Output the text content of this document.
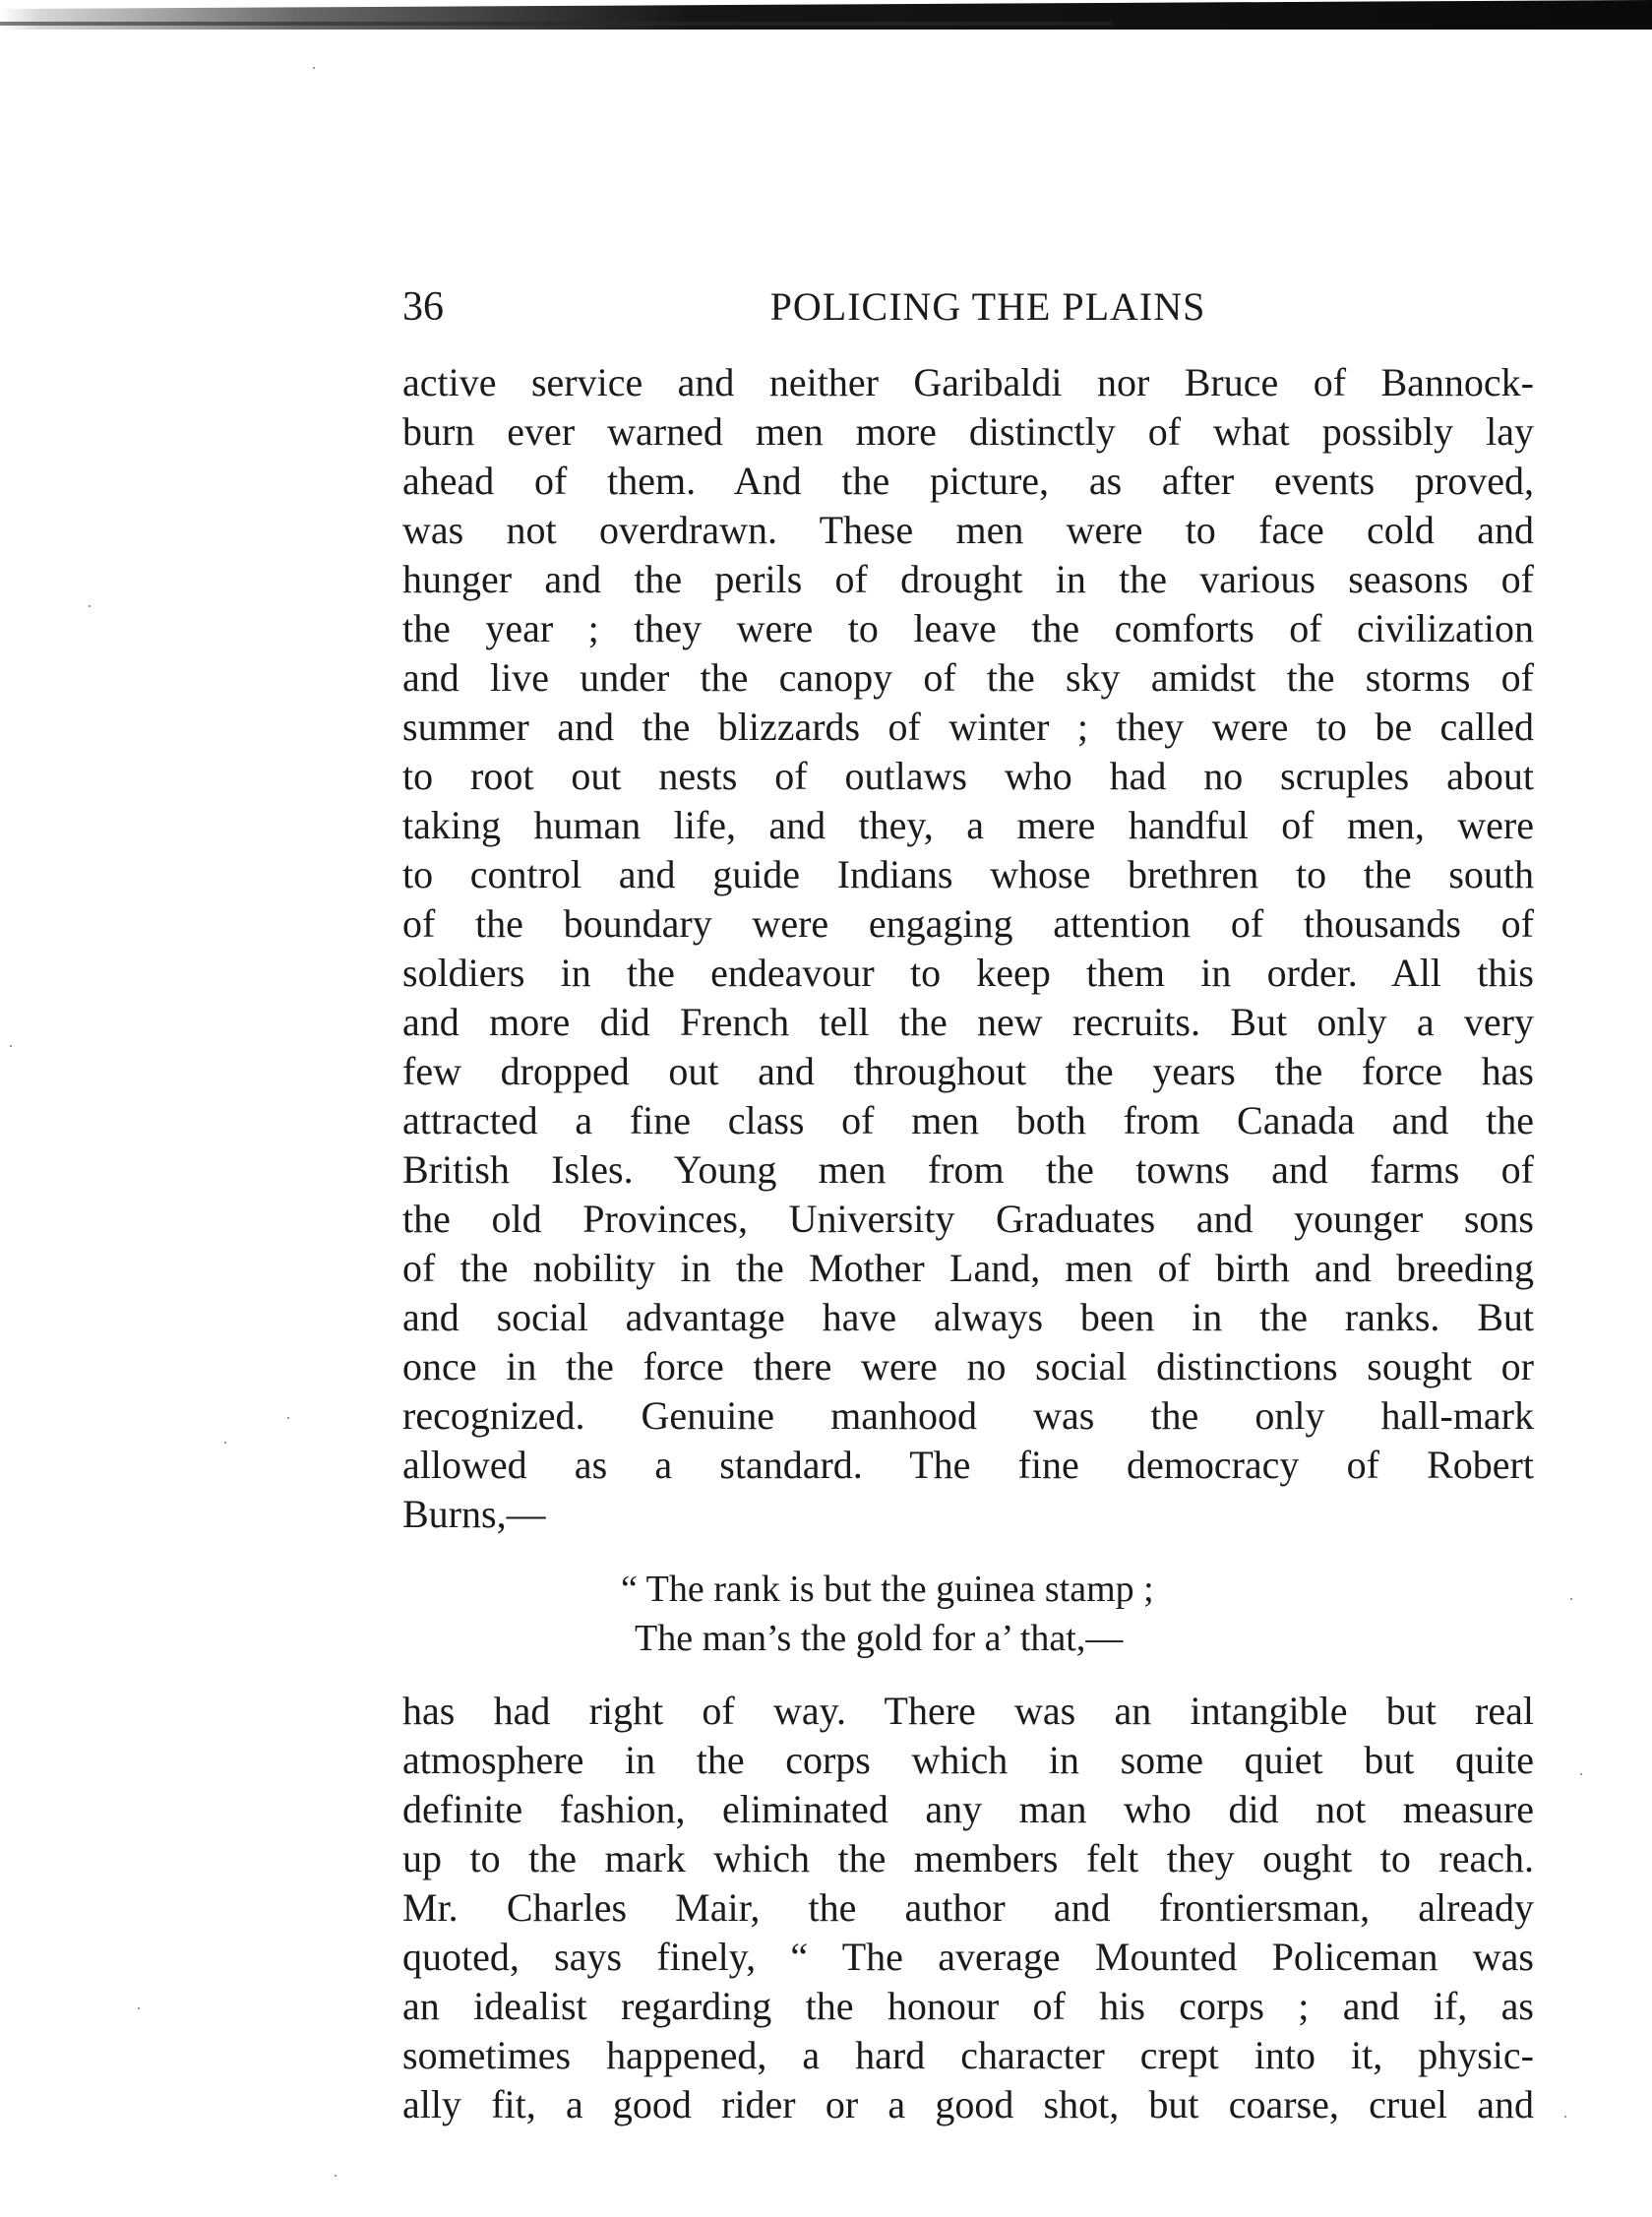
36	POLICING THE PLAINS
active service and neither Garibaldi nor Bruce of Bannock-
burn ever warned men more distinctly of what possibly lay
ahead of them. And the picture, as after events proved,
was not overdrawn. These men were to face cold and
hunger and the perils of drought in the various seasons of
the year ; they were to leave the comforts of civilization
and live under the canopy of the sky amidst the storms of
summer and the blizzards of winter ; they were to be called
to root out nests of outlaws who had no scruples about
taking human life, and they, a mere handful of men, were
to control and guide Indians whose brethren to the south
of the boundary were engaging attention of thousands of
soldiers in the endeavour to keep them in order. All this
and more did French tell the new recruits. But only a very
few dropped out and throughout the years the force has
attracted a fine class of men both from Canada and the
British Isles. Young men from the towns and farms of
the old Provinces, University Graduates and younger sons
of the nobility in the Mother Land, men of birth and breeding
and social advantage have always been in the ranks. But
once in the force there were no social distinctions sought or
recognized. Genuine manhood was the only hall-mark
allowed as a standard. The fine democracy of Robert
Burns,—
“ The rank is but the guinea stamp ;
The man’s the gold for a’ that,—
has had right of way. There was an intangible but real
atmosphere in the corps which in some quiet but quite
definite fashion, eliminated any man who did not measure
up to the mark which the members felt they ought to reach.
Mr. Charles Mair, the author and frontiersman, already
quoted, says finely, “ The average Mounted Policeman was
an idealist regarding the honour of his corps ; and if, as
sometimes happened, a hard character crept into it, physic-
ally fit, a good rider or a good shot, but coarse, cruel and
